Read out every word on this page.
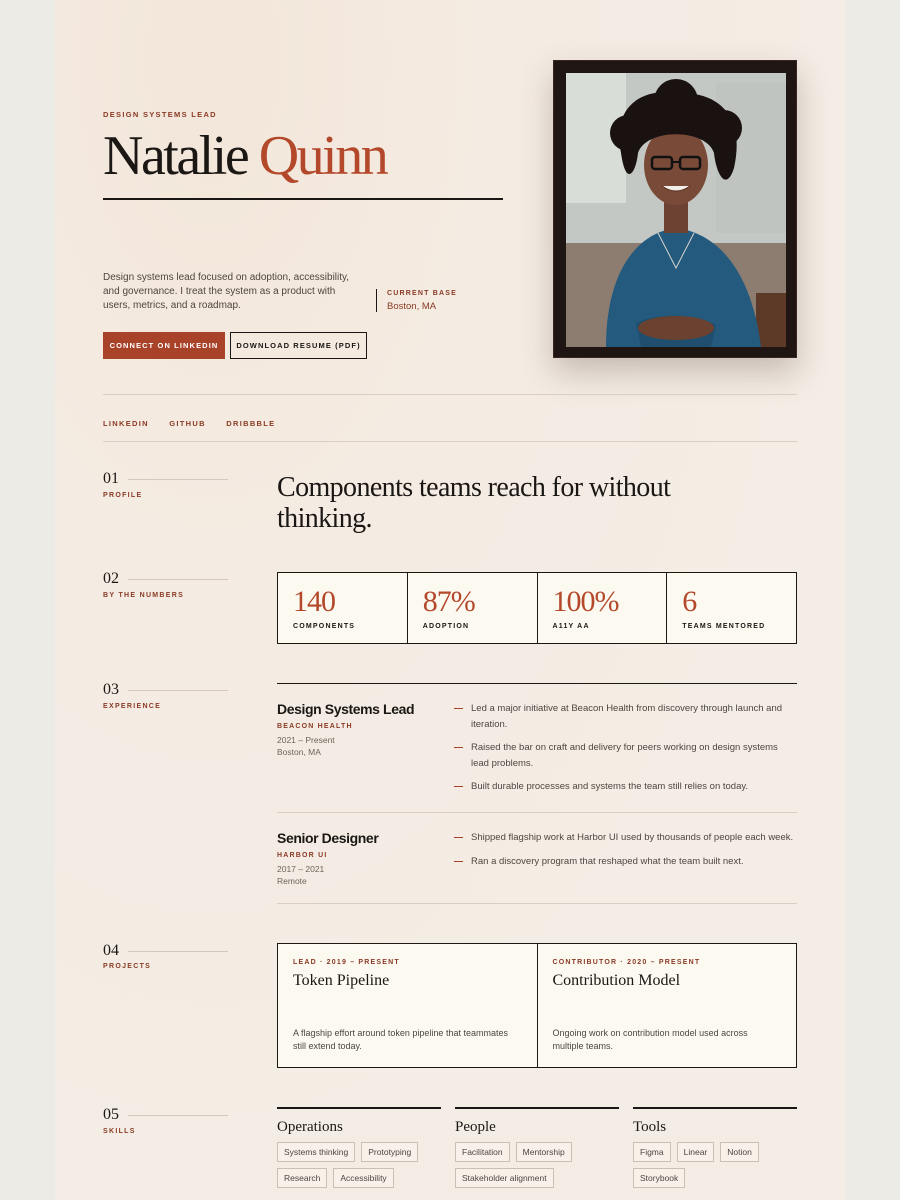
DESIGN SYSTEMS LEAD
Natalie Quinn
Design systems lead focused on adoption, accessibility, and governance. I treat the system as a product with users, metrics, and a roadmap.
CURRENT BASE
Boston, MA
CONNECT ON LINKEDIN	DOWNLOAD RESUME (PDF)
LINKEDIN	GITHUB	DRIBBBLE
01
PROFILE
02
BY THE NUMBERS
03
EXPERIENCE
04
PROJECTS
05
SKILLS
Components teams reach for without thinking.
140
COMPONENTS
87%
ADOPTION
100%
A11Y AA
6
TEAMS MENTORED
Design Systems Lead
BEACON HEALTH
2021 – Present
Boston, MA
Led a major initiative at Beacon Health from discovery through launch and iteration.
Raised the bar on craft and delivery for peers working on design systems lead problems.
Built durable processes and systems the team still relies on today.
Senior Designer
HARBOR UI
2017 – 2021
Remote
Shipped flagship work at Harbor UI used by thousands of people each week.
Ran a discovery program that reshaped what the team built next.
LEAD · 2019 – PRESENT
Token Pipeline
A flagship effort around token pipeline that teammates still extend today.
CONTRIBUTOR · 2020 – PRESENT
Contribution Model
Ongoing work on contribution model used across multiple teams.
Operations
Systems thinking	Prototyping
Research	Accessibility
People
Facilitation	Mentorship
Stakeholder alignment
Tools
Figma	Linear	Notion
Storybook
